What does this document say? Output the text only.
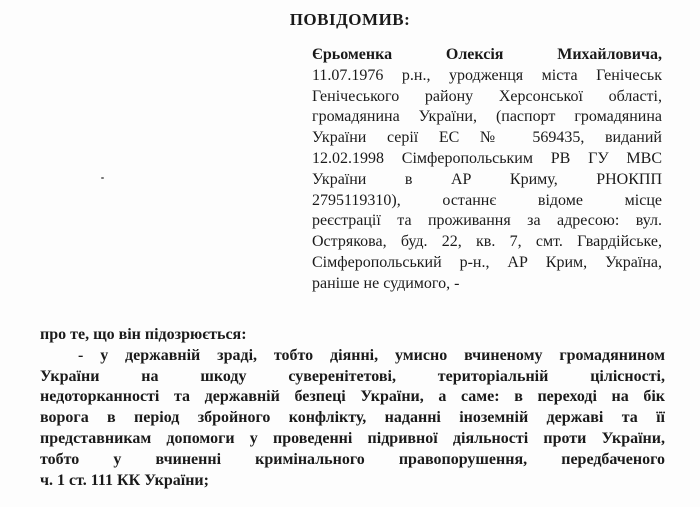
ПОВІДОМИВ:
Єрьоменка Олексія Михайловича,
11.07.1976 р.н., уродженця міста Генічеськ
Генічеського району Херсонської області,
громадянина України, (паспорт громадянина
України серії ЕС № 569435, виданий
12.02.1998 Сімферопольським РВ ГУ МВС
України в АР Криму, РНОКПП
2795119310), останнє відоме місце
реєстрації та проживання за адресою: вул.
Острякова, буд. 22, кв. 7, смт. Гвардійське,
Сімферопольський р-н., АР Крим, Україна,
раніше не судимого, -
про те, що він підозрюється:
- у державній зраді, тобто діянні, умисно вчиненому громадянином
України на шкоду суверенітетові, територіальній цілісності,
недоторканності та державній безпеці України, а саме: в переході на бік
ворога в період збройного конфлікту, наданні іноземній державі та її
представникам допомоги у проведенні підривної діяльності проти України,
тобто у вчиненні кримінального правопорушення, передбаченого
ч. 1 ст. 111 КК України;
